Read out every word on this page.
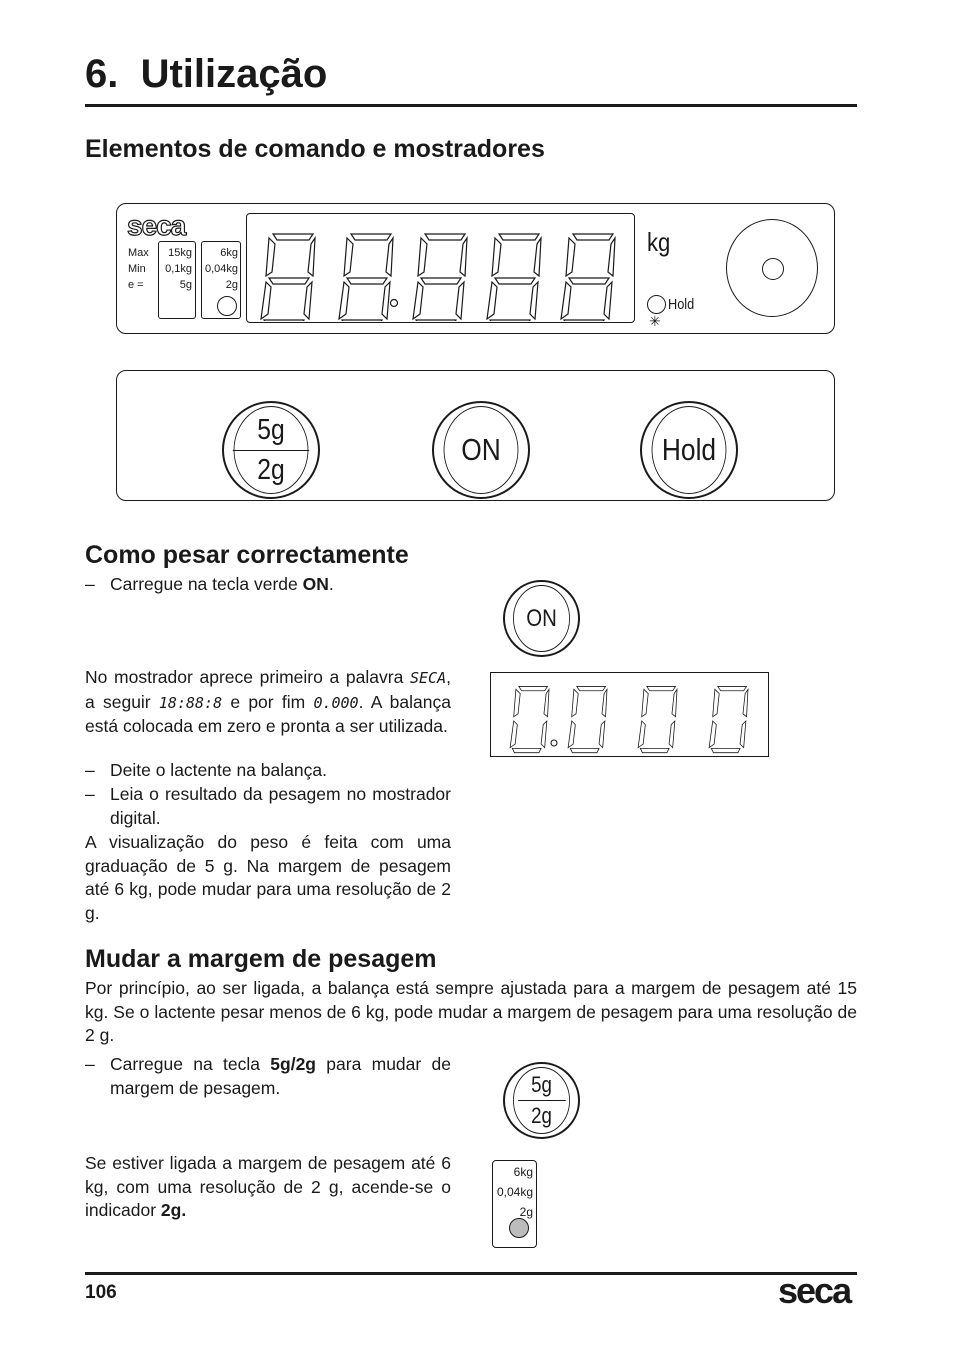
6. Utilização
Elementos de comando e mostradores
seca
Max
Min
e =
15kg
0,1kg
5g
6kg
0,04kg
2g
kg
Hold
✳
$\frac{5g}{2g}$	ON	Hold
Como pesar correctamente
– Carregue na tecla verde ON.
ON
No mostrador aprece primeiro a palavra SECA, a seguir 18:88:8 e por fim 0.000. A balança está colocada em zero e pronta a ser utilizada.
– Deite o lactente na balança.
– Leia o resultado da pesagem no mostrador digital.
A visualização do peso é feita com uma graduação de 5 g. Na margem de pesagem até 6 kg, pode mudar para uma resolução de 2 g.
Mudar a margem de pesagem
Por princípio, ao ser ligada, a balança está sempre ajustada para a margem de pesagem até 15 kg. Se o lactente pesar menos de 6 kg, pode mudar a margem de pesagem para uma resolução de 2 g.
– Carregue na tecla 5g/2g para mudar de margem de pesagem.	$\frac{5g}{2g}$
Se estiver ligada a margem de pesagem até 6 kg, com uma resolução de 2 g, acende-se o indicador 2g.
6kg
0,04kg
2g
106	seca
